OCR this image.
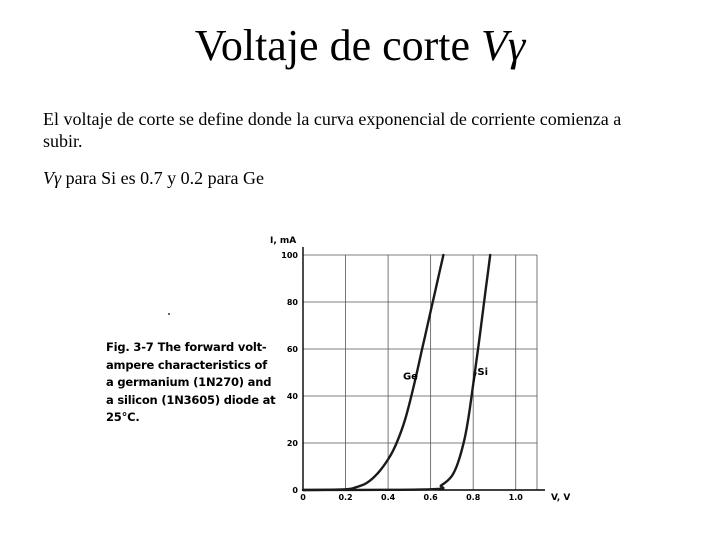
Voltaje de corte Vγ
El voltaje de corte se define donde la curva exponencial de corriente comienza a subir.
Vγ para Si es 0.7 y 0.2 para Ge
Fig. 3-7 The forward volt-ampere characteristics of a germanium (1N270) and a silicon (1N3605) diode at 25°C.
0
20
40
60
80
100
0	0.2	0.4	0.6	0.8	1.0
Ge	Si
I, mA
V, V
